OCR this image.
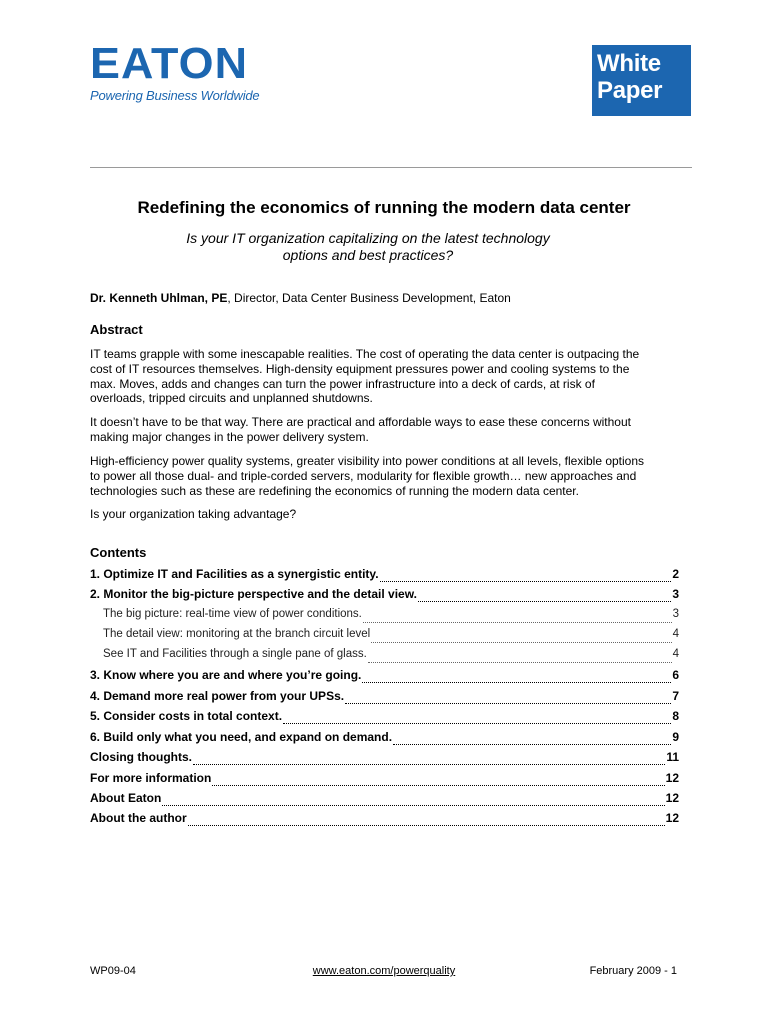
EATON
Powering Business Worldwide
White
Paper
Redefining the economics of running the modern data center
Is your IT organization capitalizing on the latest technology
options and best practices?
Dr. Kenneth Uhlman, PE, Director, Data Center Business Development, Eaton
Abstract
IT teams grapple with some inescapable realities. The cost of operating the data center is outpacing the
cost of IT resources themselves. High-density equipment pressures power and cooling systems to the
max. Moves, adds and changes can turn the power infrastructure into a deck of cards, at risk of
overloads, tripped circuits and unplanned shutdowns.
It doesn’t have to be that way. There are practical and affordable ways to ease these concerns without
making major changes in the power delivery system.
High-efficiency power quality systems, greater visibility into power conditions at all levels, flexible options
to power all those dual- and triple-corded servers, modularity for flexible growth… new approaches and
technologies such as these are redefining the economics of running the modern data center.
Is your organization taking advantage?
Contents
1. Optimize IT and Facilities as a synergistic entity.	2
2. Monitor the big-picture perspective and the detail view.	3
The big picture: real-time view of power conditions.	3
The detail view: monitoring at the branch circuit level	4
See IT and Facilities through a single pane of glass.	4
3. Know where you are and where you’re going.	6
4. Demand more real power from your UPSs.	7
5. Consider costs in total context.	8
6. Build only what you need, and expand on demand.	9
Closing thoughts.	11
For more information	12
About Eaton	12
About the author	12
WP09-04	www.eaton.com/powerquality	February 2009 - 1
